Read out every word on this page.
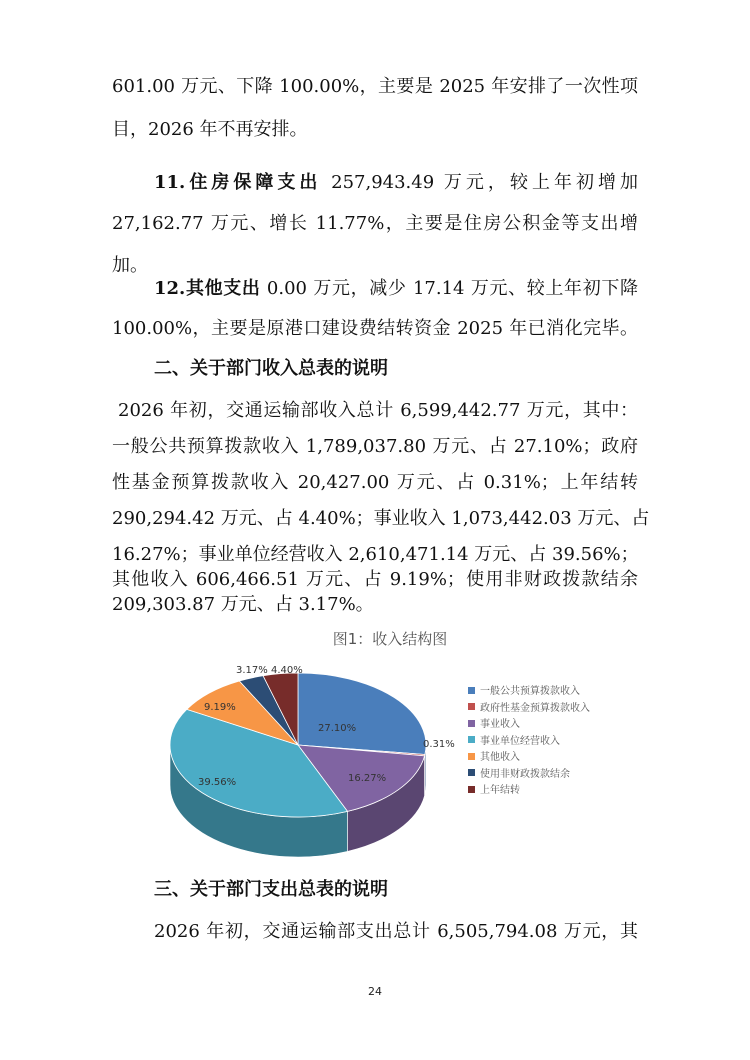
601.00 万元、下降 100.00%，主要是 2025 年安排了一次性项
目，2026 年不再安排。
11.住房保障支出 257,943.49 万元，较上年初增加
27,162.77 万元、增长 11.77%，主要是住房公积金等支出增
加。
12.其他支出 0.00 万元，减少 17.14 万元、较上年初下降
100.00%，主要是原港口建设费结转资金 2025 年已消化完毕。
二、关于部门收入总表的说明
2026 年初，交通运输部收入总计 6,599,442.77 万元，其中：
一般公共预算拨款收入 1,789,037.80 万元、占 27.10%；政府
性基金预算拨款收入 20,427.00 万元、占 0.31%；上年结转
290,294.42 万元、占 4.40%；事业收入 1,073,442.03 万元、占
16.27%；事业单位经营收入 2,610,471.14 万元、占 39.56%；
其他收入 606,466.51 万元、占 9.19%；使用非财政拨款结余
209,303.87 万元、占 3.17%。
图1：收入结构图
27.10%
0.31%
16.27%
39.56%
9.19%
3.17% 4.40%
一般公共预算拨款收入
政府性基金预算拨款收入
事业收入
事业单位经营收入
其他收入
使用非财政拨款结余
上年结转
三、关于部门支出总表的说明
2026 年初，交通运输部支出总计 6,505,794.08 万元，其
24
